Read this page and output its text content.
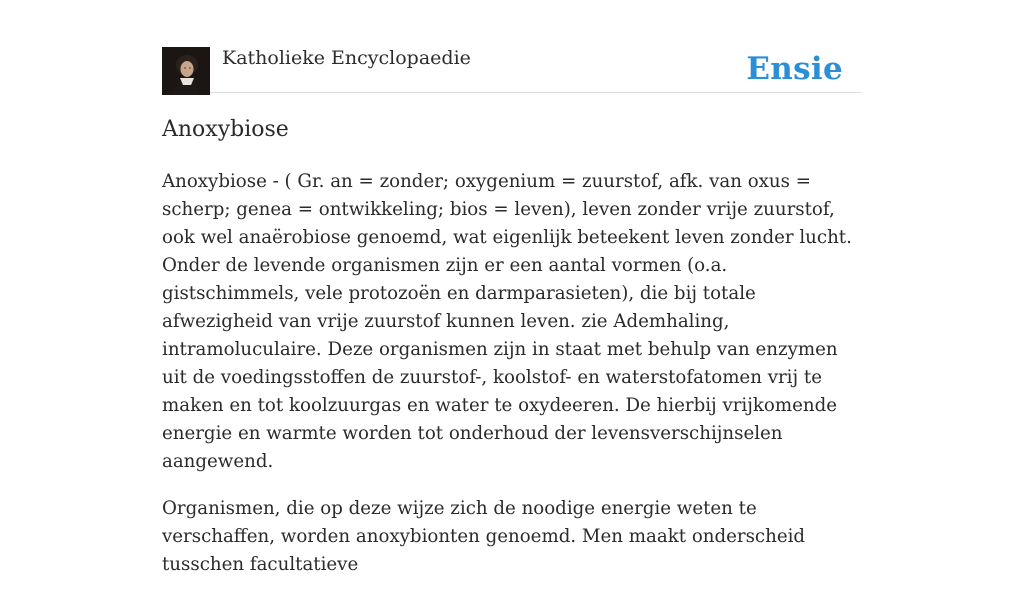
Katholieke Encyclopaedie	Ensie
Anoxybiose

Anoxybiose - ( Gr. an = zonder; oxygenium = zuurstof, afk. van oxus = scherp; genea = ontwikkeling; bios = leven), leven zonder vrije zuurstof, ook wel anaërobiose genoemd, wat eigenlijk beteekent leven zonder lucht. Onder de levende organismen zijn er een aantal vormen (o.a. gistschimmels, vele protozoën en darmparasieten), die bij totale afwezigheid van vrije zuurstof kunnen leven. zie Ademhaling, intramoluculaire. Deze organismen zijn in staat met behulp van enzymen uit de voedingsstoffen de zuurstof-, koolstof- en waterstofatomen vrij te maken en tot koolzuurgas en water te oxydeeren. De hierbij vrijkomende energie en warmte worden tot onderhoud der levensverschijnselen aangewend.

Organismen, die op deze wijze zich de noodige energie weten te verschaffen, worden anoxybionten genoemd. Men maakt onderscheid tusschen facultatieve
